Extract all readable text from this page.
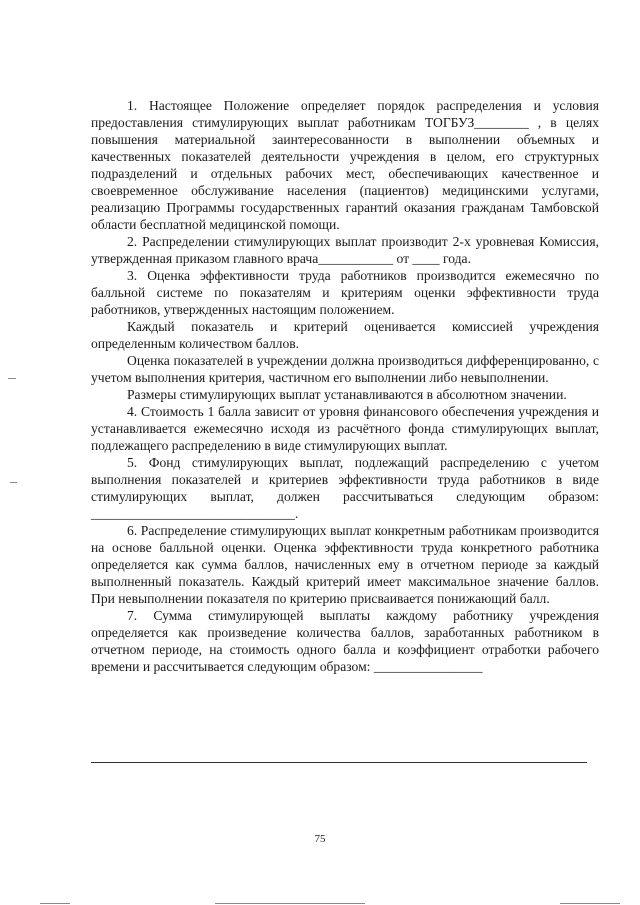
1. Настоящее Положение определяет порядок распределения и условия предоставления стимулирующих выплат работникам ТОГБУЗ________ , в целях повышения материальной заинтересованности в выполнении объемных и качественных показателей деятельности учреждения в целом, его структурных подразделений и отдельных рабочих мест, обеспечивающих качественное и своевременное обслуживание населения (пациентов) медицинскими услугами, реализацию Программы государственных гарантий оказания гражданам Тамбовской области бесплатной медицинской помощи.

2. Распределении стимулирующих выплат производит 2-х уровневая Комиссия, утвержденная приказом главного врача___________ от ____ года.

3. Оценка эффективности труда работников производится ежемесячно по балльной системе по показателям и критериям оценки эффективности труда работников, утвержденных настоящим положением.

Каждый показатель и критерий оценивается комиссией учреждения определенным количеством баллов.

Оценка показателей в учреждении должна производиться дифференцированно, с учетом выполнения критерия, частичном его выполнении либо невыполнении.

Размеры стимулирующих выплат устанавливаются в абсолютном значении.

4. Стоимость 1 балла зависит от уровня финансового обеспечения учреждения и устанавливается ежемесячно исходя из расчётного фонда стимулирующих выплат, подлежащего распределению в виде стимулирующих выплат.

5. Фонд стимулирующих выплат, подлежащий распределению с учетом выполнения показателей и критериев эффективности труда работников в виде стимулирующих выплат, должен рассчитываться следующим образом: ______________________________.

6. Распределение стимулирующих выплат конкретным работникам производится на основе балльной оценки. Оценка эффективности труда конкретного работника определяется как сумма баллов, начисленных ему в отчетном периоде за каждый выполненный показатель. Каждый критерий имеет максимальное значение баллов. При невыполнении показателя по критерию присваивается понижающий балл.

7. Сумма стимулирующей выплаты каждому работнику учреждения определяется как произведение количества баллов, заработанных работником в отчетном периоде, на стоимость одного балла и коэффициент отработки рабочего времени и рассчитывается следующим образом: ________________

75
